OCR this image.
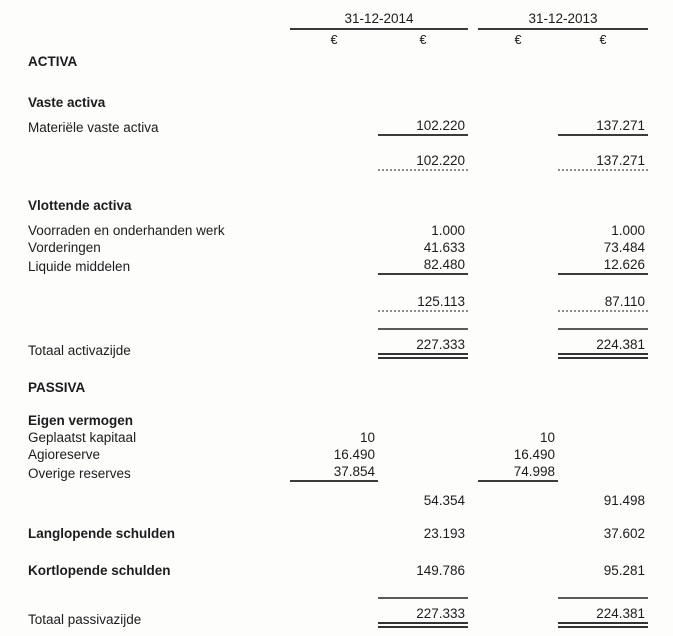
31-12-2014	31-12-2013
€	€	€	€
ACTIVA
Vaste activa
Materiële vaste activa	102.220	137.271
102.220	137.271
Vlottende activa
Voorraden en onderhanden werk	1.000	1.000
Vorderingen	41.633	73.484
Liquide middelen	82.480	12.626
125.113	87.110
Totaal activazijde	227.333	224.381
PASSIVA
Eigen vermogen
Geplaatst kapitaal	10	10
Agioreserve	16.490	16.490
Overige reserves	37.854	74.998
54.354	91.498
Langlopende schulden	23.193	37.602
Kortlopende schulden	149.786	95.281
Totaal passivazijde	227.333	224.381
